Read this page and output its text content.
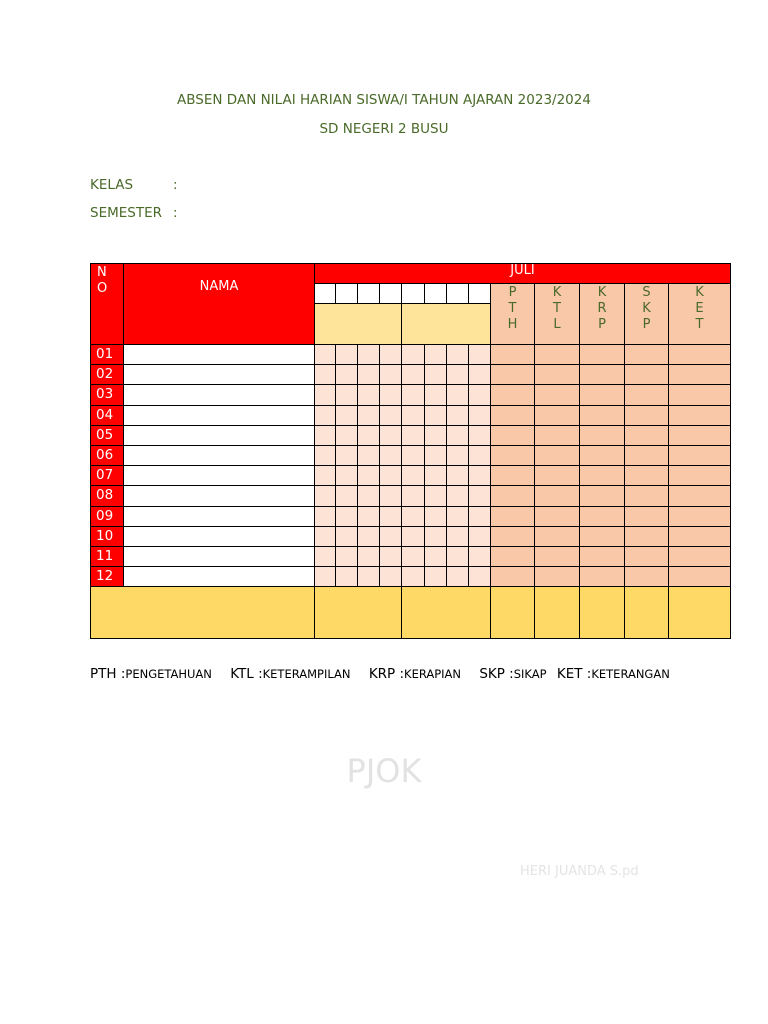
ABSEN DAN NILAI HARIAN SISWA/I TAHUN AJARAN 2023/2024
SD NEGERI 2 BUSU
KELAS	:
SEMESTER :
N
O	NAMA
JULI
P
T
H
K
T
L
K
R
P
S
K
P
K
E
T
01
02
03
04
05
06
07
08
09
10
11
12
PTH :PENGETAHUAN KTL :KETERAMPILAN KRP :KERAPIAN SKP :SIKAP KET :KETERANGAN
PJOK
HERI JUANDA S.pd
